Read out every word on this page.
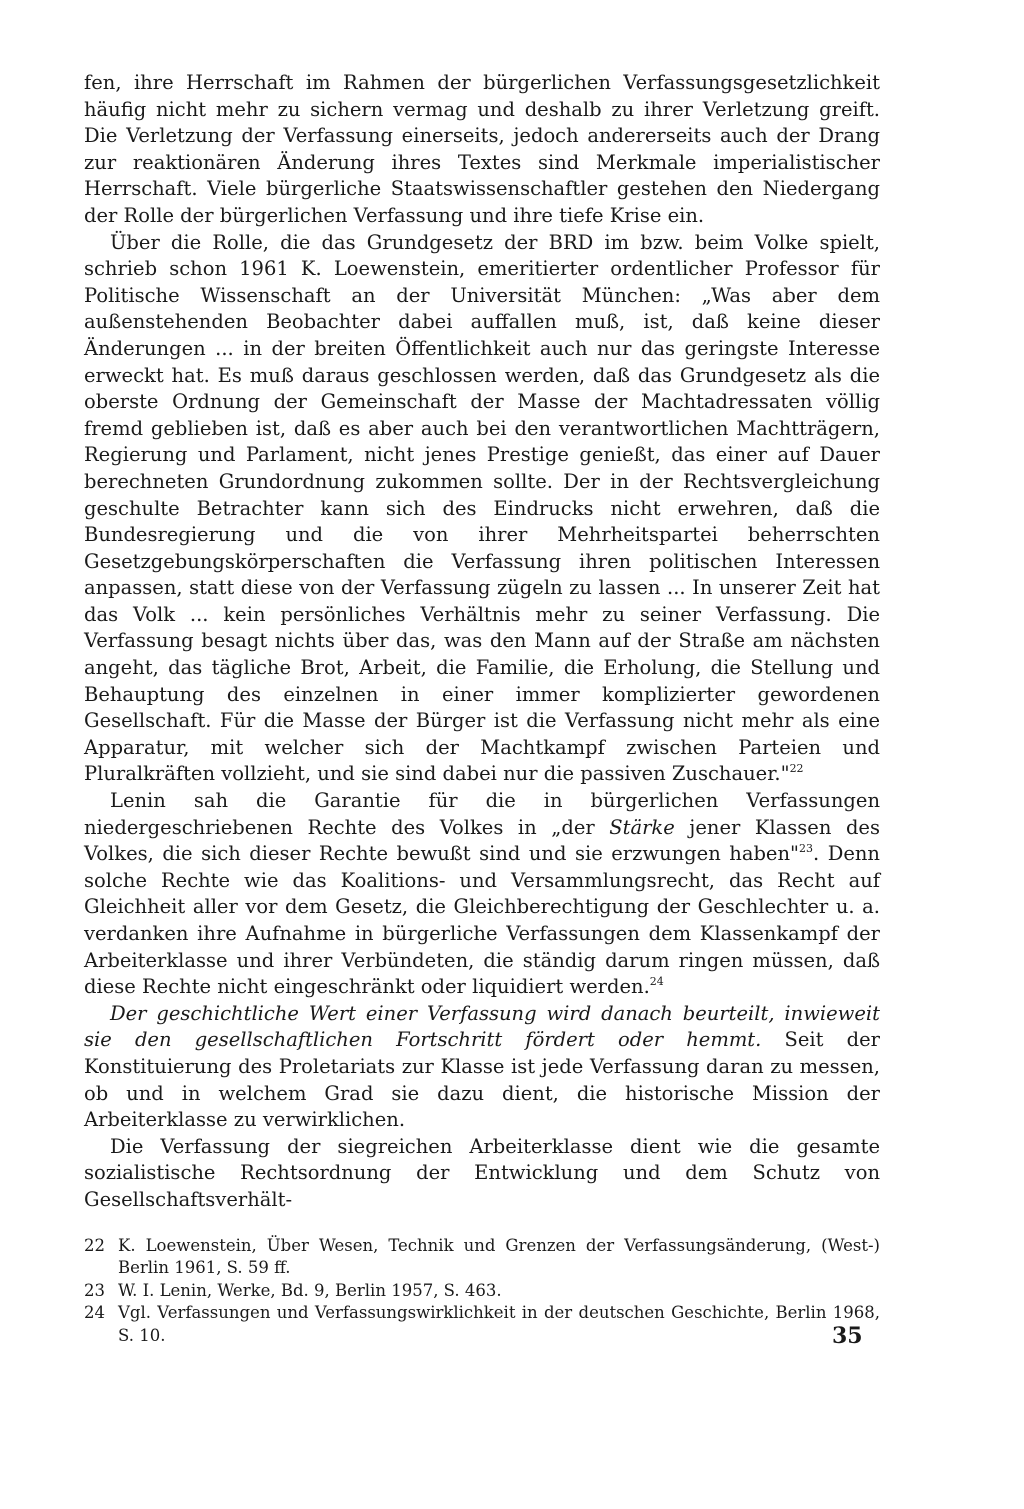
fen, ihre Herrschaft im Rahmen der bürgerlichen Verfassungsgesetzlichkeit häufig nicht mehr zu sichern vermag und deshalb zu ihrer Verletzung greift. Die Verletzung der Verfassung einerseits, jedoch andererseits auch der Drang zur reaktionären Änderung ihres Textes sind Merkmale imperialistischer Herrschaft. Viele bürgerliche Staatswissenschaftler gestehen den Niedergang der Rolle der bürgerlichen Verfassung und ihre tiefe Krise ein.

Über die Rolle, die das Grundgesetz der BRD im bzw. beim Volke spielt, schrieb schon 1961 K. Loewenstein, emeritierter ordentlicher Professor für Politische Wissenschaft an der Universität München: „Was aber dem außenstehenden Beobachter dabei auffallen muß, ist, daß keine dieser Änderungen ... in der breiten Öffentlichkeit auch nur das geringste Interesse erweckt hat. Es muß daraus geschlossen werden, daß das Grundgesetz als die oberste Ordnung der Gemeinschaft der Masse der Machtadressaten völlig fremd geblieben ist, daß es aber auch bei den verantwortlichen Machtträgern, Regierung und Parlament, nicht jenes Prestige genießt, das einer auf Dauer berechneten Grundordnung zukommen sollte. Der in der Rechtsvergleichung geschulte Betrachter kann sich des Eindrucks nicht erwehren, daß die Bundesregierung und die von ihrer Mehrheitspartei beherrschten Gesetzgebungskörperschaften die Verfassung ihren politischen Interessen anpassen, statt diese von der Verfassung zügeln zu lassen ... In unserer Zeit hat das Volk ... kein persönliches Verhältnis mehr zu seiner Verfassung. Die Verfassung besagt nichts über das, was den Mann auf der Straße am nächsten angeht, das tägliche Brot, Arbeit, die Familie, die Erholung, die Stellung und Behauptung des einzelnen in einer immer komplizierter gewordenen Gesellschaft. Für die Masse der Bürger ist die Verfassung nicht mehr als eine Apparatur, mit welcher sich der Machtkampf zwischen Parteien und Pluralkräften vollzieht, und sie sind dabei nur die passiven Zuschauer."$^{22}$

Lenin sah die Garantie für die in bürgerlichen Verfassungen niedergeschriebenen Rechte des Volkes in „der Stärke jener Klassen des Volkes, die sich dieser Rechte bewußt sind und sie erzwungen haben"$^{23}$. Denn solche Rechte wie das Koalitions- und Versammlungsrecht, das Recht auf Gleichheit aller vor dem Gesetz, die Gleichberechtigung der Geschlechter u. a. verdanken ihre Aufnahme in bürgerliche Verfassungen dem Klassenkampf der Arbeiterklasse und ihrer Verbündeten, die ständig darum ringen müssen, daß diese Rechte nicht eingeschränkt oder liquidiert werden.$^{24}$

Der geschichtliche Wert einer Verfassung wird danach beurteilt, inwieweit sie den gesellschaftlichen Fortschritt fördert oder hemmt. Seit der Konstituierung des Proletariats zur Klasse ist jede Verfassung daran zu messen, ob und in welchem Grad sie dazu dient, die historische Mission der Arbeiterklasse zu verwirklichen.

Die Verfassung der siegreichen Arbeiterklasse dient wie die gesamte sozialistische Rechtsordnung der Entwicklung und dem Schutz von Gesellschaftsverhält-

22 K. Loewenstein, Über Wesen, Technik und Grenzen der Verfassungsänderung, (West-) Berlin 1961, S. 59 ff.
23 W. I. Lenin, Werke, Bd. 9, Berlin 1957, S. 463.
24 Vgl. Verfassungen und Verfassungswirklichkeit in der deutschen Geschichte, Berlin 1968, S. 10.	35
